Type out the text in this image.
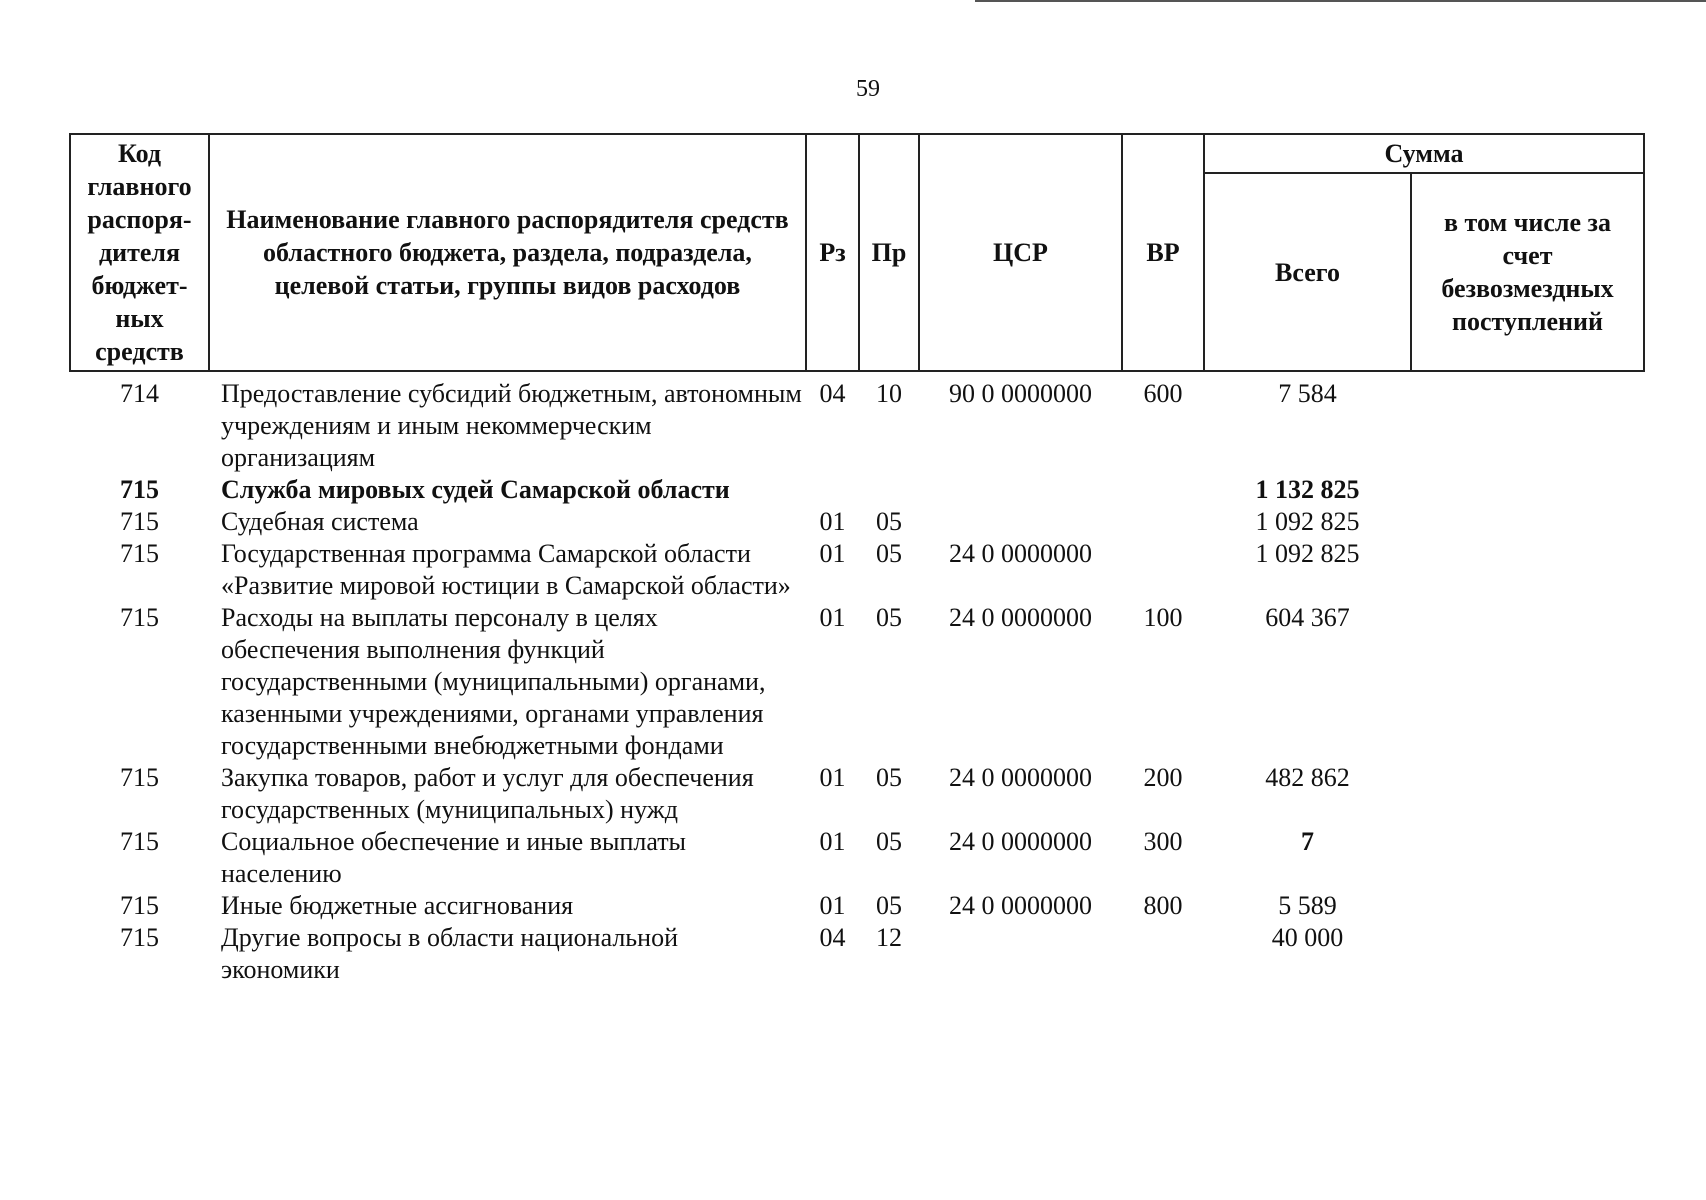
59
Код главного распоря-дителя бюджет-ных средств	Наименование главного распорядителя средств областного бюджета, раздела, подраздела, целевой статьи, группы видов расходов	Рз	Пр	ЦСР	ВР	Сумма	
						Всего	в том числе за счет безвозмездных поступлений
714	Предоставление субсидий бюджетным, автономным учреждениям и иным некоммерческим организациям	04	10	90 0 0000000	600	7 584	
715	Служба мировых судей Самарской области					1 132 825	
715	Судебная система	01	05			1 092 825	
715	Государственная программа Самарской области «Развитие мировой юстиции в Самарской области»	01	05	24 0 0000000		1 092 825	
715	Расходы на выплаты персоналу в целях обеспечения выполнения функций государственными (муниципальными) органами, казенными учреждениями, органами управления государственными внебюджетными фондами	01	05	24 0 0000000	100	604 367	
715	Закупка товаров, работ и услуг для обеспечения государственных (муниципальных) нужд	01	05	24 0 0000000	200	482 862	
715	Социальное обеспечение и иные выплаты населению	01	05	24 0 0000000	300	7	
715	Иные бюджетные ассигнования	01	05	24 0 0000000	800	5 589	
715	Другие вопросы в области национальной экономики	04	12			40 000	
